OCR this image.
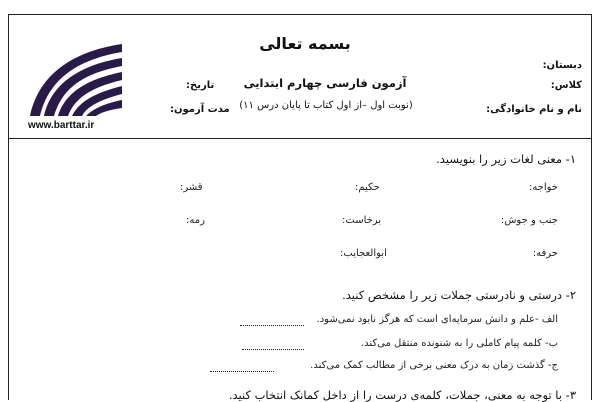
بسمه تعالی
دبستان:
کلاس:
نام و نام خانوادگی:
آزمون فارسی چهارم ابتدایی
(نوبت اول –از اول کتاب تا پایان درس ۱۱)
تاریخ:
مدت آزمون:
www.barttar.ir
۱- معنی لغات زیر را بنویسید.
خواجه:
حکیم:
قشر:
جنب و جوش:
برخاست:
رمه:
حرفه:
ابوالعجایب:
۲- درستی و نادرستی جملات زیر را مشخص کنید.
الف -علم و دانش سرمایه‌ای است که هرگز نابود نمی‌شود.
ب- کلمه پیام کاملی را به شنونده منتقل می‌کند.
ج- گذشت زمان به درک معنی برخی از مطالب کمک می‌کند.
۳- با توجه به معنی، جملات، کلمه‌ی درست را از داخل کمانک انتخاب کنید.
